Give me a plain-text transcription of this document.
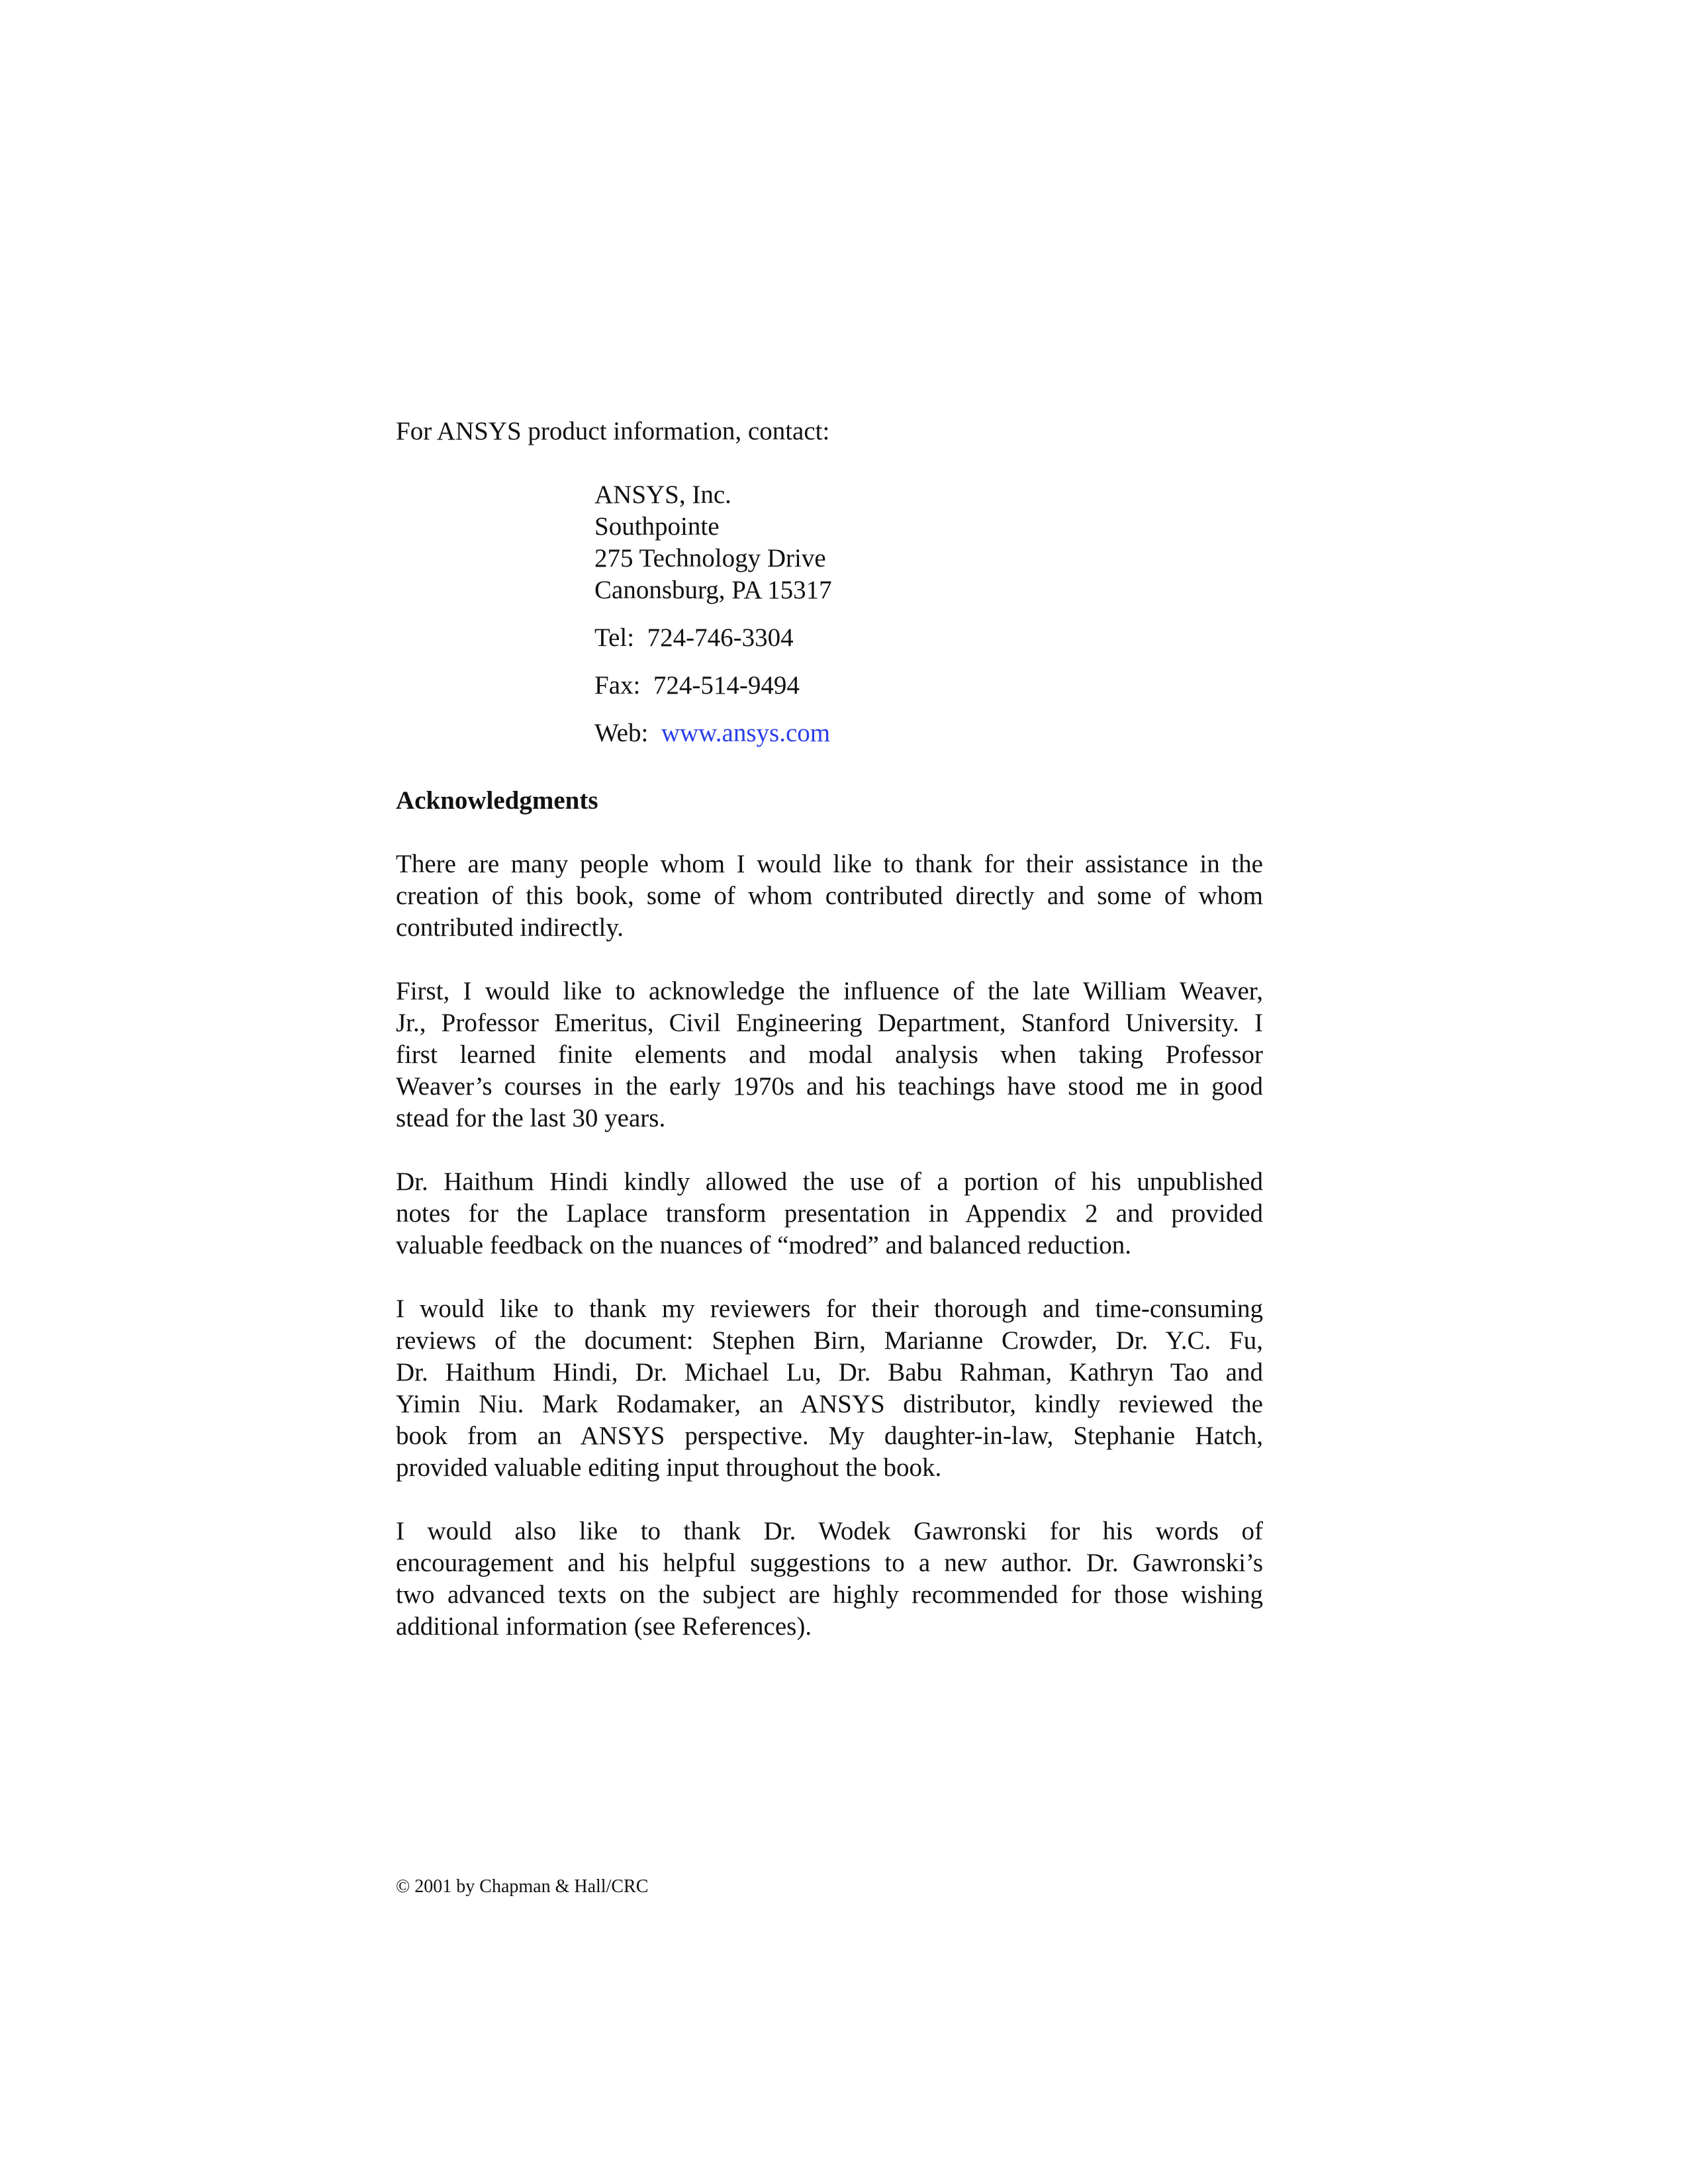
For ANSYS product information, contact:
ANSYS, Inc.
Southpointe
275 Technology Drive
Canonsburg, PA 15317
Tel: 724-746-3304
Fax: 724-514-9494
Web: www.ansys.com
Acknowledgments
There are many people whom I would like to thank for their assistance in the
creation of this book, some of whom contributed directly and some of whom
contributed indirectly.
First, I would like to acknowledge the influence of the late William Weaver,
Jr., Professor Emeritus, Civil Engineering Department, Stanford University. I
first learned finite elements and modal analysis when taking Professor
Weaver’s courses in the early 1970s and his teachings have stood me in good
stead for the last 30 years.
Dr. Haithum Hindi kindly allowed the use of a portion of his unpublished
notes for the Laplace transform presentation in Appendix 2 and provided
valuable feedback on the nuances of “modred” and balanced reduction.
I would like to thank my reviewers for their thorough and time-consuming
reviews of the document: Stephen Birn, Marianne Crowder, Dr. Y.C. Fu,
Dr. Haithum Hindi, Dr. Michael Lu, Dr. Babu Rahman, Kathryn Tao and
Yimin Niu. Mark Rodamaker, an ANSYS distributor, kindly reviewed the
book from an ANSYS perspective. My daughter-in-law, Stephanie Hatch,
provided valuable editing input throughout the book.
I would also like to thank Dr. Wodek Gawronski for his words of
encouragement and his helpful suggestions to a new author. Dr. Gawronski’s
two advanced texts on the subject are highly recommended for those wishing
additional information (see References).
© 2001 by Chapman & Hall/CRC
